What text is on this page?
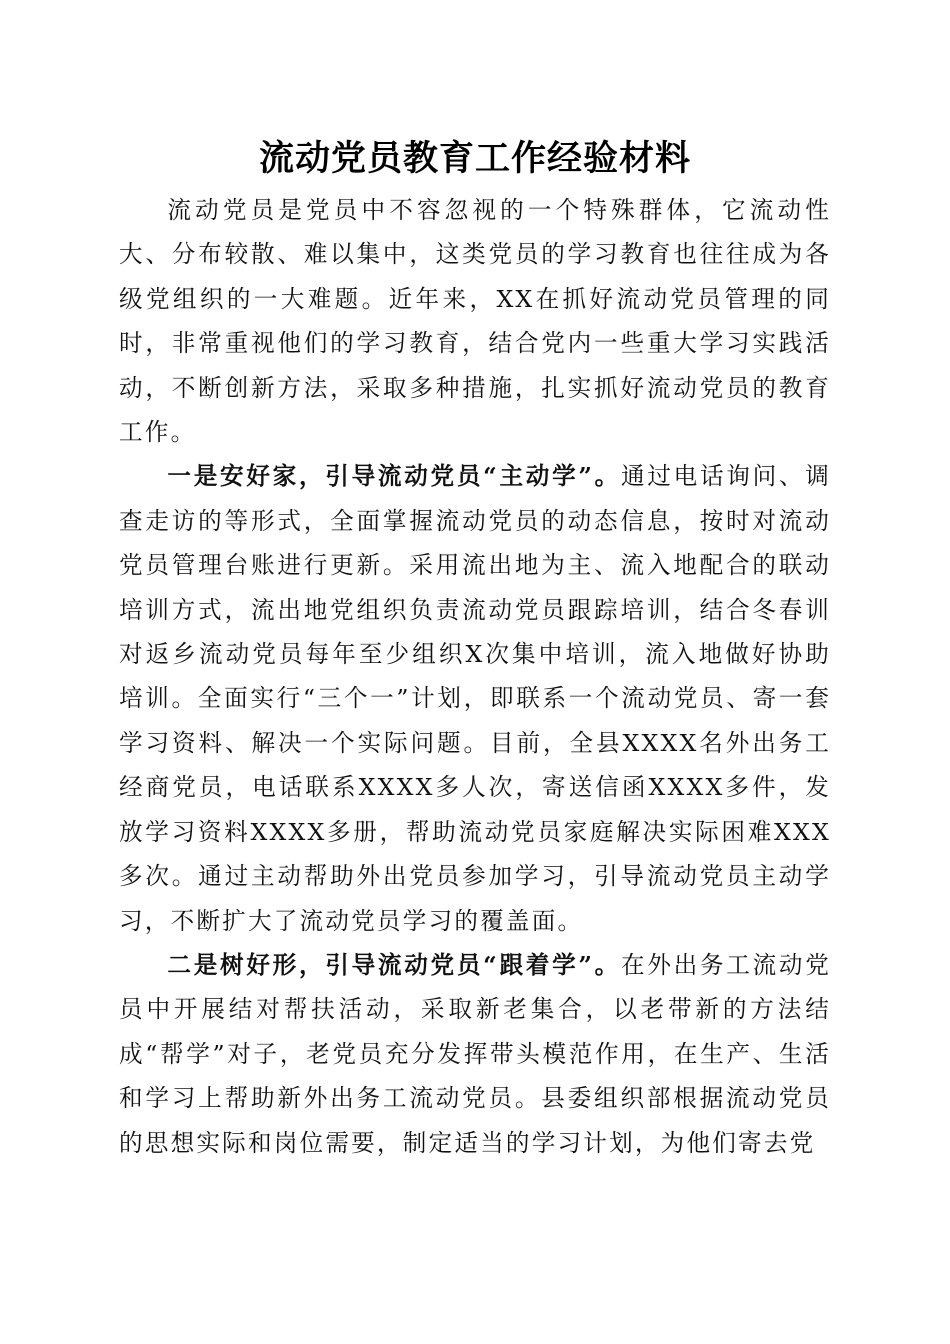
流动党员教育工作经验材料

流动党员是党员中不容忽视的一个特殊群体，它流动性大、分布较散、难以集中，这类党员的学习教育也往往成为各级党组织的一大难题。近年来，XX在抓好流动党员管理的同时，非常重视他们的学习教育，结合党内一些重大学习实践活动，不断创新方法，采取多种措施，扎实抓好流动党员的教育工作。

一是安好家，引导流动党员“主动学”。通过电话询问、调查走访的等形式，全面掌握流动党员的动态信息，按时对流动党员管理台账进行更新。采用流出地为主、流入地配合的联动培训方式，流出地党组织负责流动党员跟踪培训，结合冬春训对返乡流动党员每年至少组织X次集中培训，流入地做好协助培训。全面实行“三个一”计划，即联系一个流动党员、寄一套学习资料、解决一个实际问题。目前，全县XXXX名外出务工经商党员，电话联系XXXX多人次，寄送信函XXXX多件，发放学习资料XXXX多册，帮助流动党员家庭解决实际困难XXX多次。通过主动帮助外出党员参加学习，引导流动党员主动学习，不断扩大了流动党员学习的覆盖面。

二是树好形，引导流动党员“跟着学”。在外出务工流动党员中开展结对帮扶活动，采取新老集合，以老带新的方法结成“帮学”对子，老党员充分发挥带头模范作用，在生产、生活和学习上帮助新外出务工流动党员。县委组织部根据流动党员的思想实际和岗位需要，制定适当的学习计划，为他们寄去党
